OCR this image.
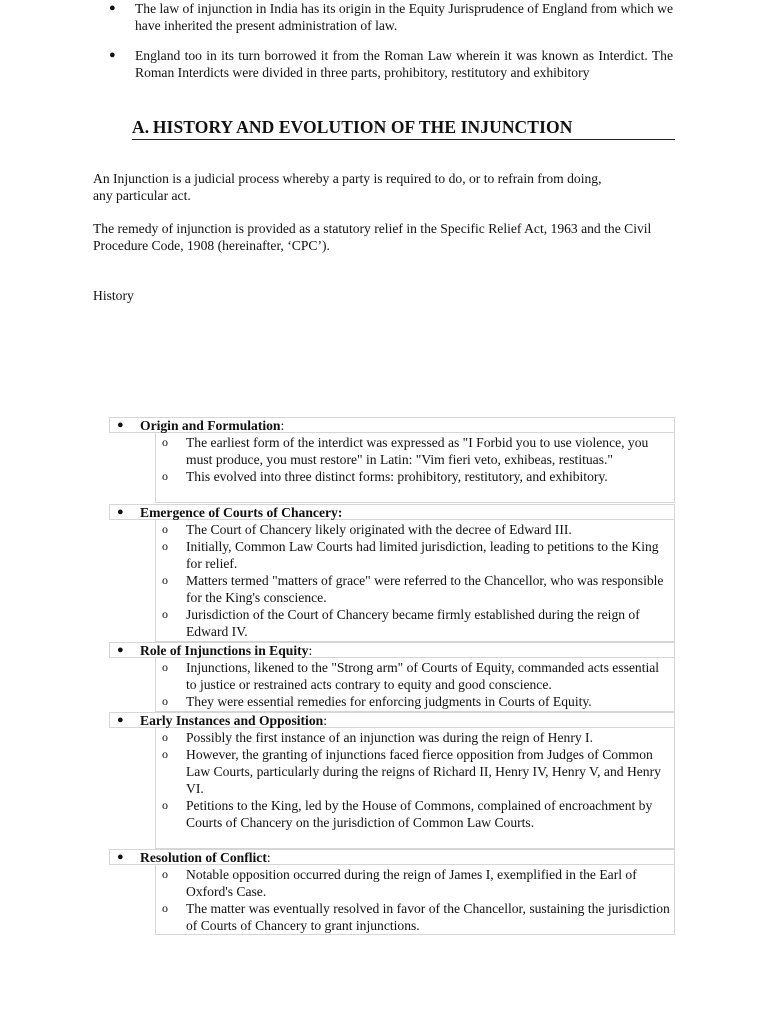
A. HISTORY AND EVOLUTION OF THE INJUNCTION
An Injunction is a judicial process whereby a party is required to do, or to refrain from doing, any particular act.
The remedy of injunction is provided as a statutory relief in the Specific Relief Act, 1963 and the Civil Procedure Code, 1908 (hereinafter, ‘CPC’).
History
● The law of injunction in India has its origin in the Equity Jurisprudence of England from which we have inherited the present administration of law.
● England too in its turn borrowed it from the Roman Law wherein it was known as Interdict. The Roman Interdicts were divided in three parts, prohibitory, restitutory and exhibitory
● Origin and Formulation:
o The earliest form of the interdict was expressed as "I Forbid you to use violence, you must produce, you must restore" in Latin: "Vim fieri veto, exhibeas, restituas."
o This evolved into three distinct forms: prohibitory, restitutory, and exhibitory.
● Emergence of Courts of Chancery:
o The Court of Chancery likely originated with the decree of Edward III.
o Initially, Common Law Courts had limited jurisdiction, leading to petitions to the King for relief.
o Matters termed "matters of grace" were referred to the Chancellor, who was responsible for the King's conscience.
o Jurisdiction of the Court of Chancery became firmly established during the reign of Edward IV.
● Role of Injunctions in Equity:
o Injunctions, likened to the "Strong arm" of Courts of Equity, commanded acts essential to justice or restrained acts contrary to equity and good conscience.
o They were essential remedies for enforcing judgments in Courts of Equity.
● Early Instances and Opposition:
o Possibly the first instance of an injunction was during the reign of Henry I.
o However, the granting of injunctions faced fierce opposition from Judges of Common Law Courts, particularly during the reigns of Richard II, Henry IV, Henry V, and Henry VI.
o Petitions to the King, led by the House of Commons, complained of encroachment by Courts of Chancery on the jurisdiction of Common Law Courts.
● Resolution of Conflict:
o Notable opposition occurred during the reign of James I, exemplified in the Earl of Oxford's Case.
o The matter was eventually resolved in favor of the Chancellor, sustaining the jurisdiction of Courts of Chancery to grant injunctions.
